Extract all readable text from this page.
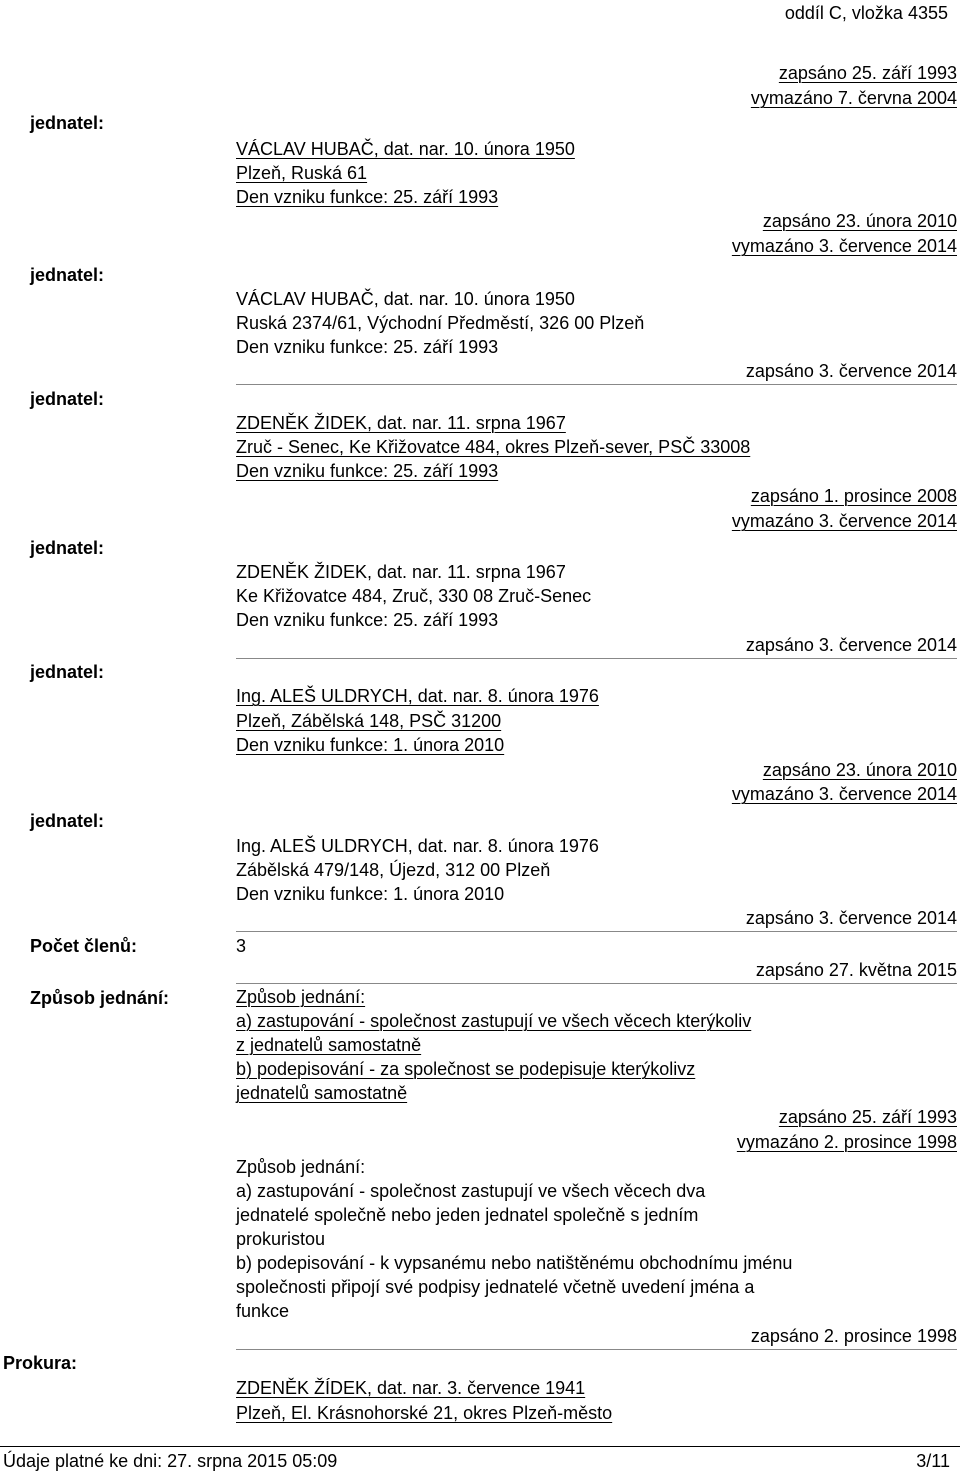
oddíl C, vložka 4355
zapsáno 25. září 1993
vymazáno 7. června 2004
jednatel:
VÁCLAV HUBAČ, dat. nar. 10. února 1950
Plzeň, Ruská 61
Den vzniku funkce: 25. září 1993
zapsáno 23. února 2010
vymazáno 3. července 2014
jednatel:
VÁCLAV HUBAČ, dat. nar. 10. února 1950
Ruská 2374/61, Východní Předměstí, 326 00 Plzeň
Den vzniku funkce: 25. září 1993
zapsáno 3. července 2014
jednatel:
ZDENĚK ŽIDEK, dat. nar. 11. srpna 1967
Zruč - Senec, Ke Křižovatce 484, okres Plzeň-sever, PSČ 33008
Den vzniku funkce: 25. září 1993
zapsáno 1. prosince 2008
vymazáno 3. července 2014
jednatel:
ZDENĚK ŽIDEK, dat. nar. 11. srpna 1967
Ke Křižovatce 484, Zruč, 330 08 Zruč-Senec
Den vzniku funkce: 25. září 1993
zapsáno 3. července 2014
jednatel:
Ing. ALEŠ ULDRYCH, dat. nar. 8. února 1976
Plzeň, Zábělská 148, PSČ 31200
Den vzniku funkce: 1. února 2010
zapsáno 23. února 2010
vymazáno 3. července 2014
jednatel:
Ing. ALEŠ ULDRYCH, dat. nar. 8. února 1976
Zábělská 479/148, Újezd, 312 00 Plzeň
Den vzniku funkce: 1. února 2010
zapsáno 3. července 2014
Počet členů:	3
zapsáno 27. května 2015
Způsob jednání:	Způsob jednání:
a) zastupování - společnost zastupují ve všech věcech kterýkoliv
z jednatelů samostatně
b) podepisování - za společnost se podepisuje kterýkolivz
jednatelů samostatně
zapsáno 25. září 1993
vymazáno 2. prosince 1998
Způsob jednání:
a) zastupování - společnost zastupují ve všech věcech dva
jednatelé společně nebo jeden jednatel společně s jedním
prokuristou
b) podepisování - k vypsanému nebo natištěnému obchodnímu jménu
společnosti připojí své podpisy jednatelé včetně uvedení jména a
funkce
zapsáno 2. prosince 1998
Prokura:
ZDENĚK ŽÍDEK, dat. nar. 3. července 1941
Plzeň, El. Krásnohorské 21, okres Plzeň-město
Údaje platné ke dni: 27. srpna 2015 05:09	3/11
